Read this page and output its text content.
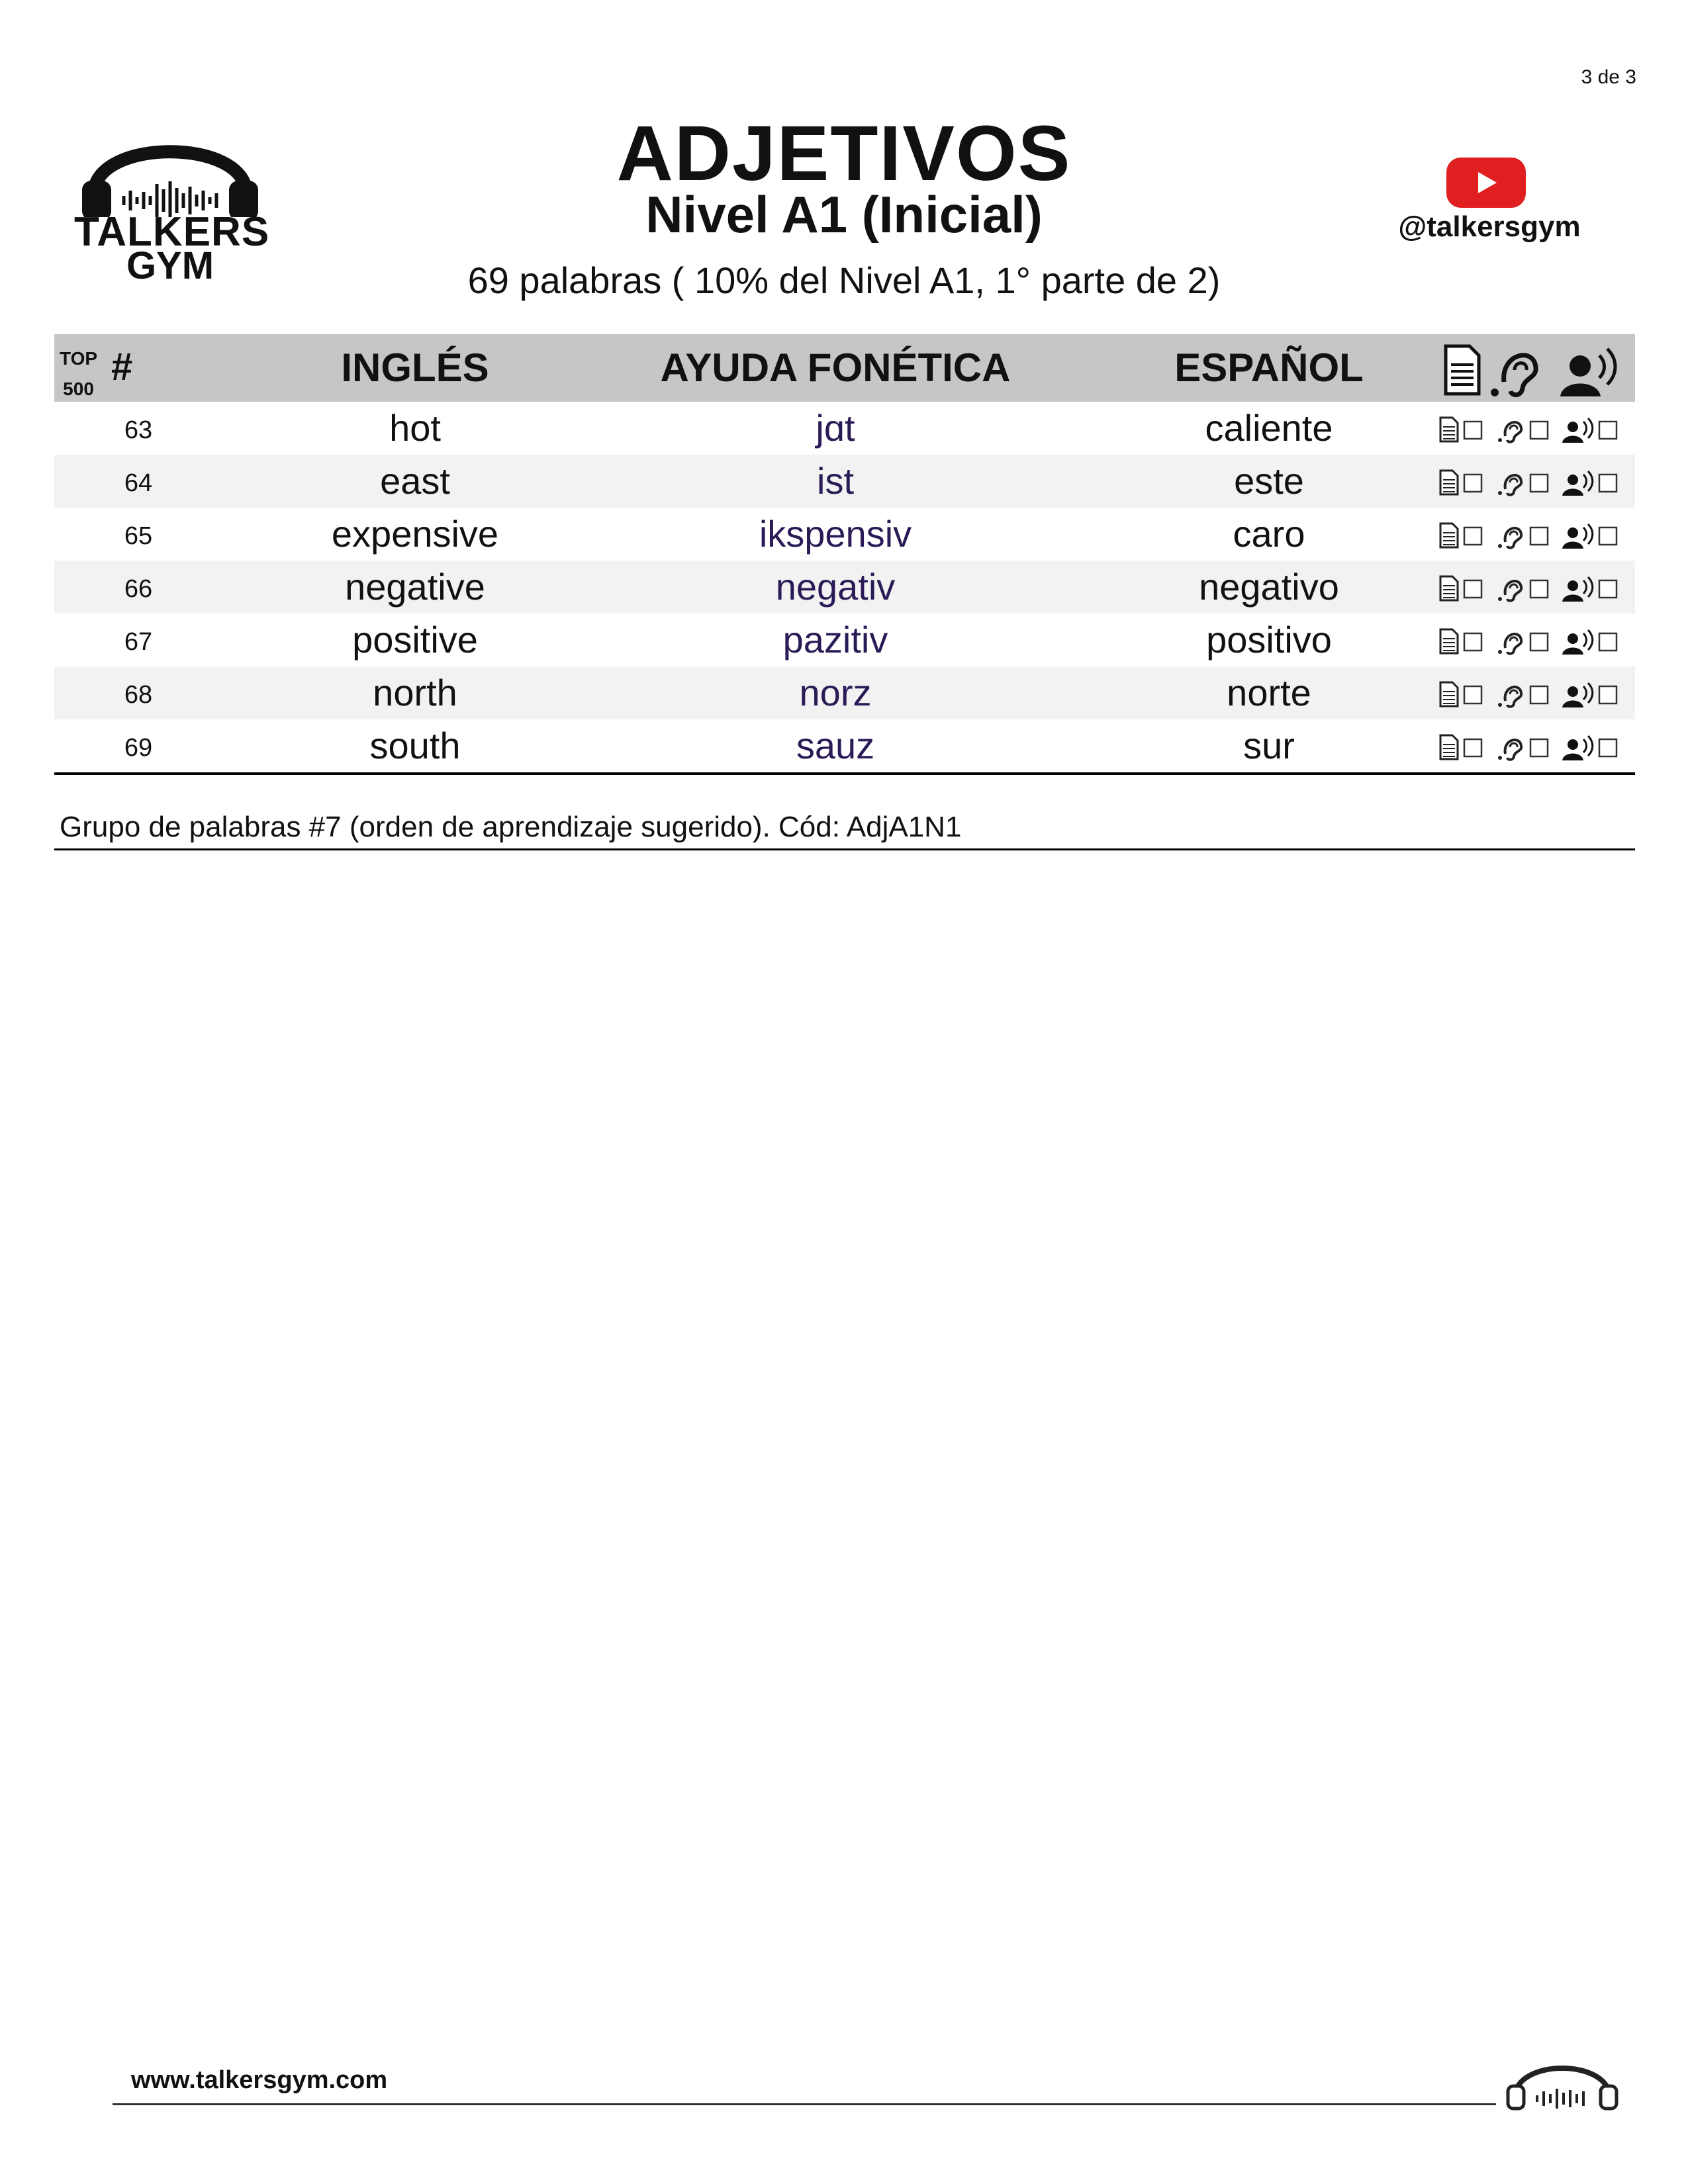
3 de 3
TALKERS
GYM
ADJETIVOS
Nivel A1 (Inicial)
69 palabras ( 10% del Nivel A1, 1° parte de 2)
@talkersgym
TOP
500
#	INGLÉS	AYUDA FONÉTICA	ESPAÑOL
63	hot	jɑt	caliente
64	east	ist	este
65	expensive	ikspensiv	caro
66	negative	negativ	negativo
67	positive	pazitiv	positivo
68	north	norz	norte
69	south	sauz	sur
Grupo de palabras #7 (orden de aprendizaje sugerido). Cód: AdjA1N1
www.talkersgym.com
